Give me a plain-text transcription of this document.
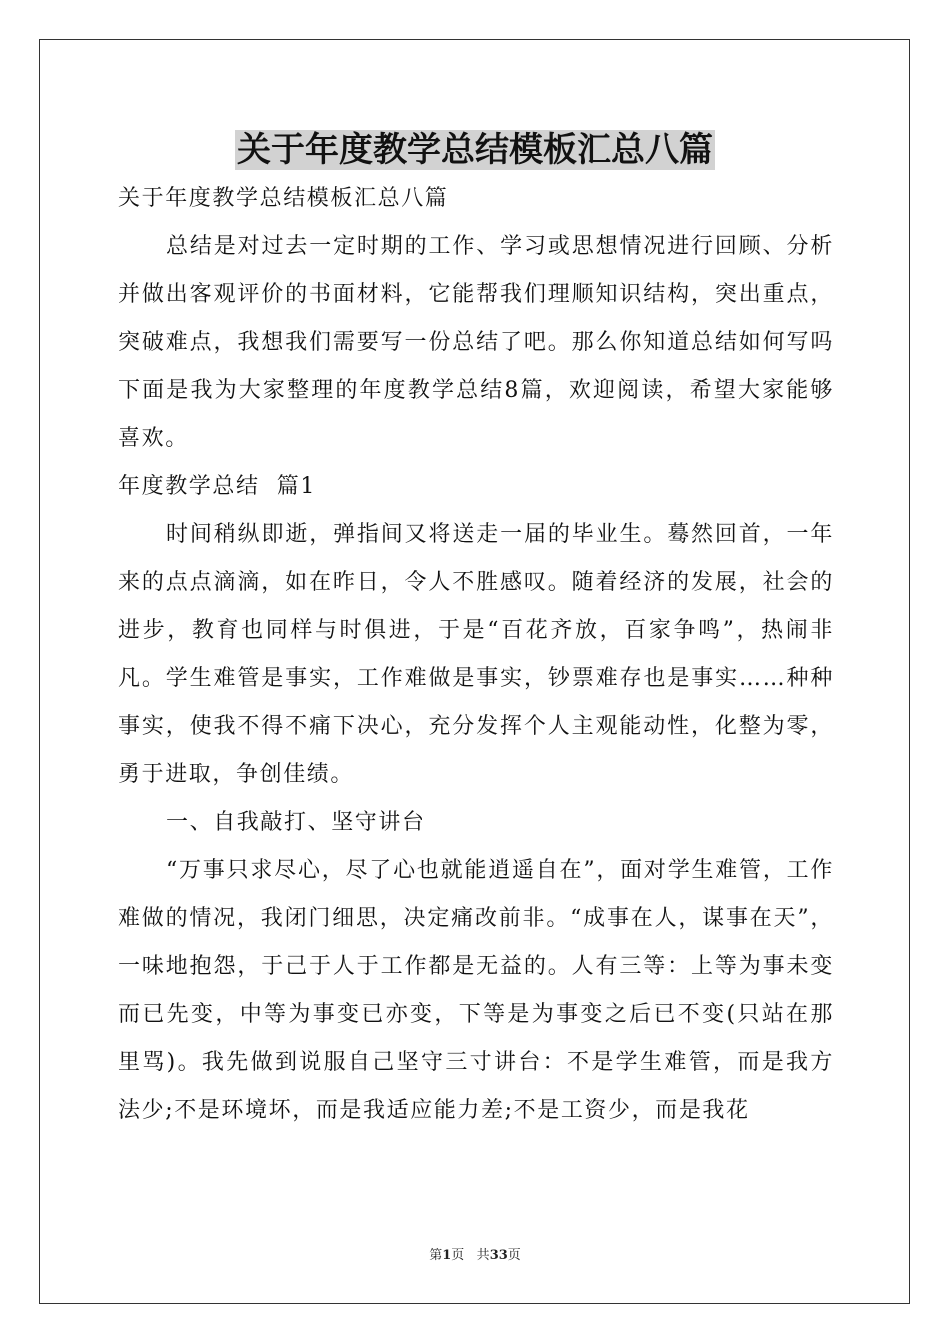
关于年度教学总结模板汇总八篇

关于年度教学总结模板汇总八篇

总结是对过去一定时期的工作、学习或思想情况进行回顾、分析并做出客观评价的书面材料，它能帮我们理顺知识结构，突出重点，突破难点，我想我们需要写一份总结了吧。那么你知道总结如何写吗下面是我为大家整理的年度教学总结8篇，欢迎阅读，希望大家能够喜欢。

年度教学总结  篇1

时间稍纵即逝，弹指间又将送走一届的毕业生。蓦然回首，一年来的点点滴滴，如在昨日，令人不胜感叹。随着经济的发展，社会的进步，教育也同样与时俱进，于是“百花齐放，百家争鸣”，热闹非凡。学生难管是事实，工作难做是事实，钞票难存也是事实……种种事实，使我不得不痛下决心，充分发挥个人主观能动性，化整为零，勇于进取，争创佳绩。

一、自我敲打、坚守讲台

“万事只求尽心，尽了心也就能逍遥自在”，面对学生难管，工作难做的情况，我闭门细思，决定痛改前非。“成事在人，谋事在天”，一味地抱怨，于己于人于工作都是无益的。人有三等：上等为事未变而已先变，中等为事变已亦变，下等是为事变之后已不变(只站在那里骂)。我先做到说服自己坚守三寸讲台：不是学生难管，而是我方法少;不是环境坏，而是我适应能力差;不是工资少，而是我花

第1页 共33页
